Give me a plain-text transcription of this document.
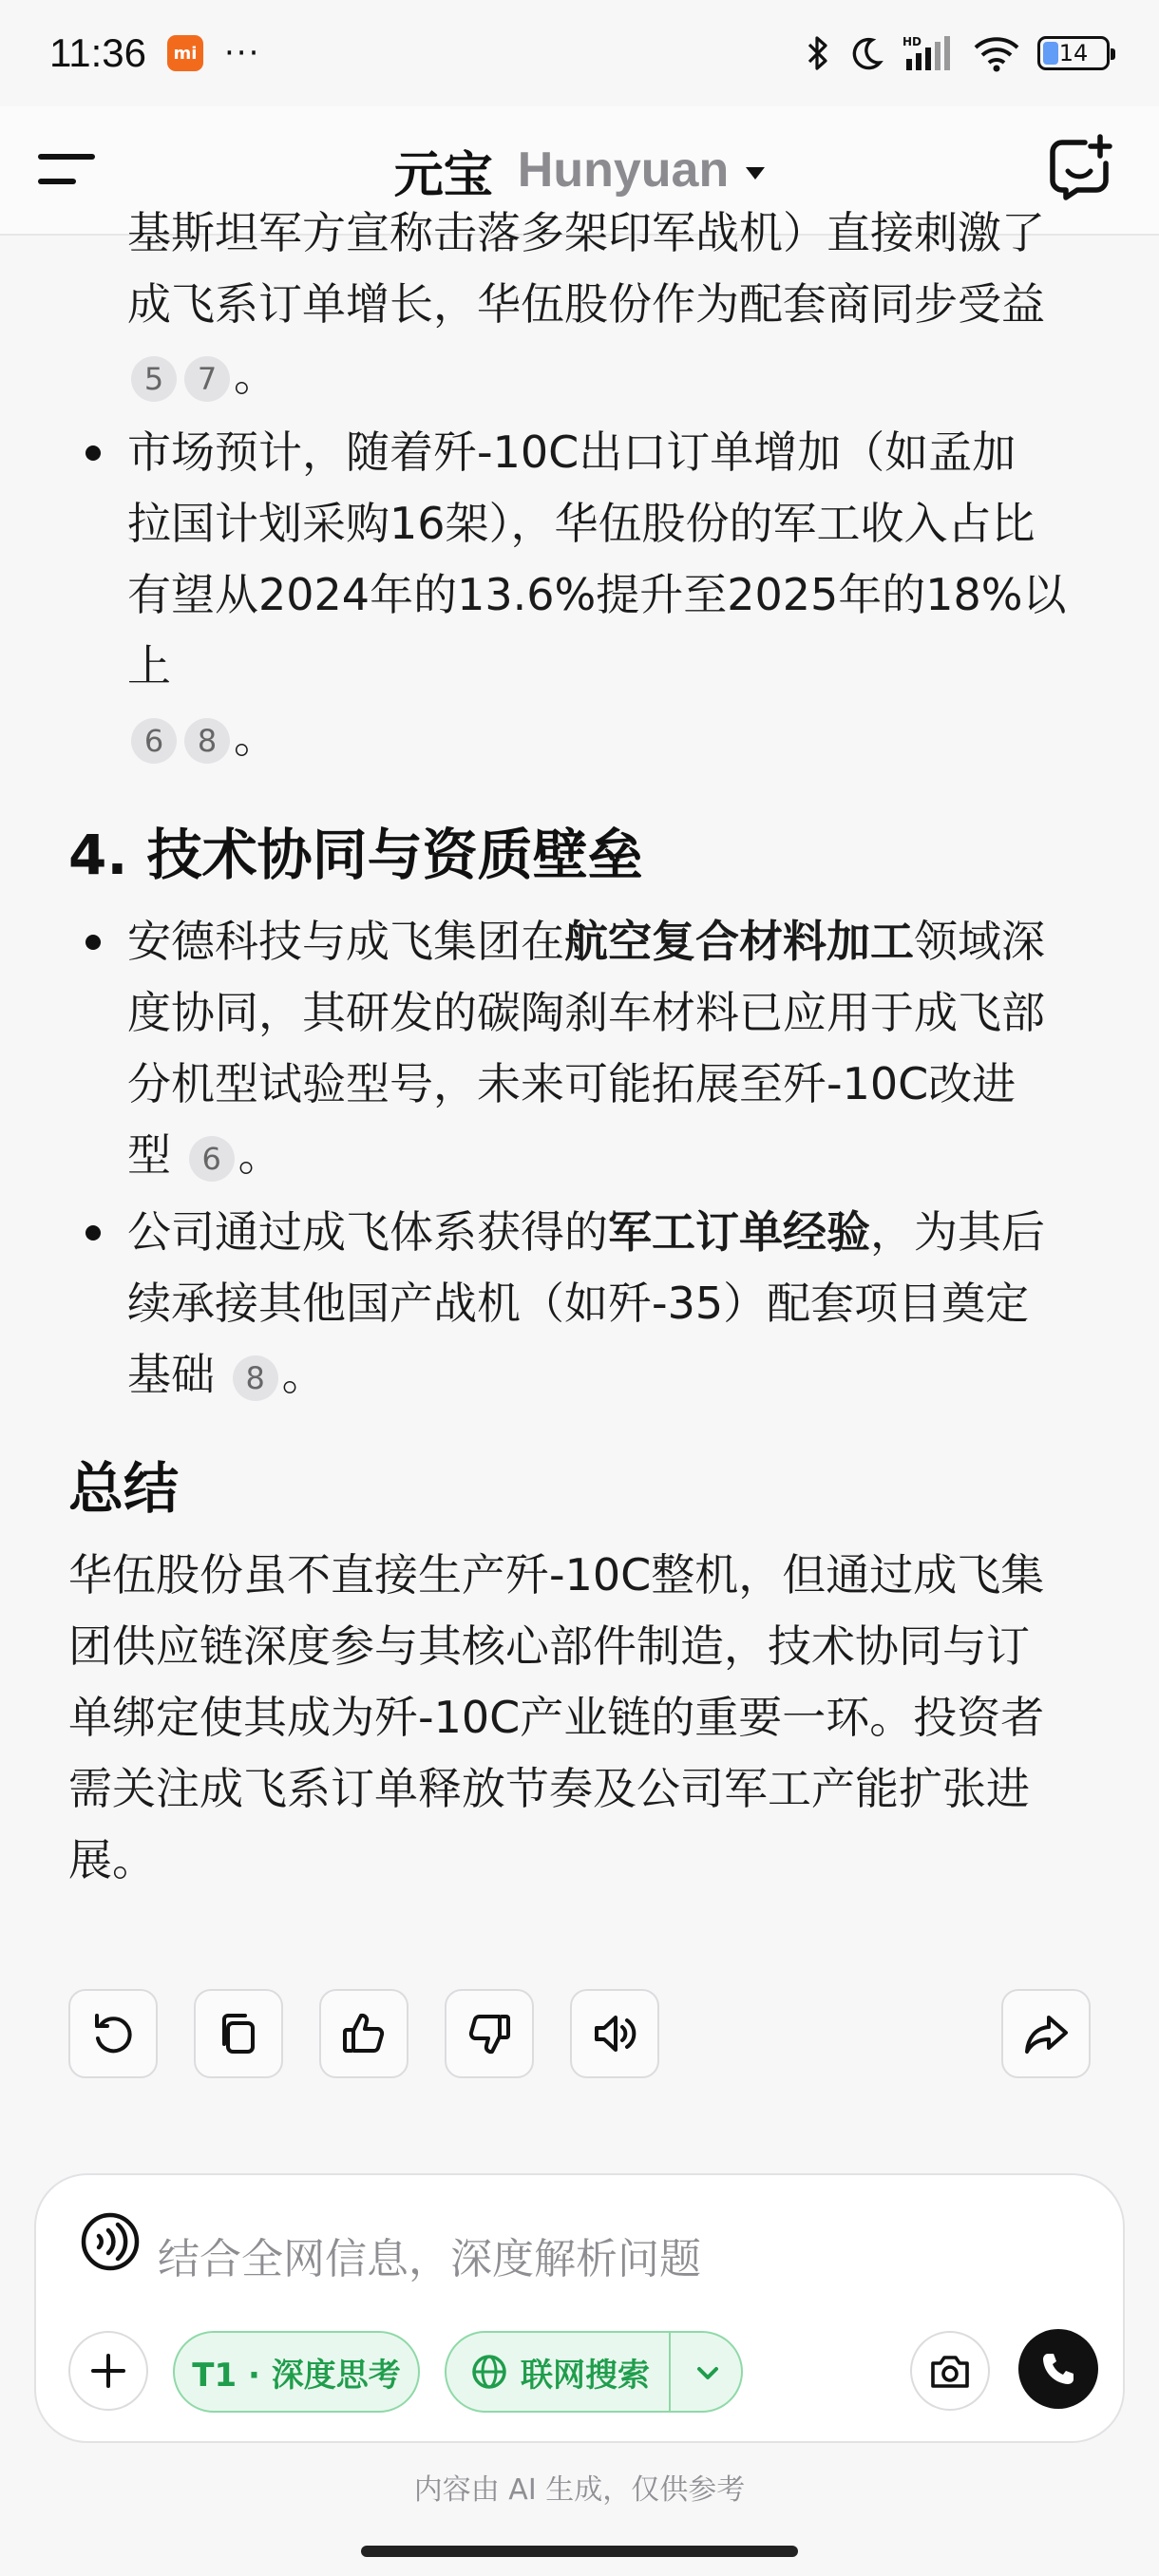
11:36	mi ···	HD	14
元宝 Hunyuan
基斯坦军方宣称击落多架印军战机）直接刺激了
成飞系订单增长，华伍股份作为配套商同步受益
5 7 。
市场预计，随着歼-10C出口订单增加（如孟加
拉国计划采购16架），华伍股份的军工收入占比
有望从2024年的13.6%提升至2025年的18%以上
6 8 。
4. 技术协同与资质壁垒
安德科技与成飞集团在航空复合材料加工领域深
度协同，其研发的碳陶刹车材料已应用于成飞部
分机型试验型号，未来可能拓展至歼-10C改进
型 6 。
公司通过成飞体系获得的军工订单经验，为其后
续承接其他国产战机（如歼-35）配套项目奠定
基础 8 。
总结
华伍股份虽不直接生产歼-10C整机，但通过成飞集
团供应链深度参与其核心部件制造，技术协同与订
单绑定使其成为歼-10C产业链的重要一环。投资者
需关注成飞系订单释放节奏及公司军工产能扩张进
展。
结合全网信息，深度解析问题
T1 · 深度思考	联网搜索
内容由 AI 生成，仅供参考
